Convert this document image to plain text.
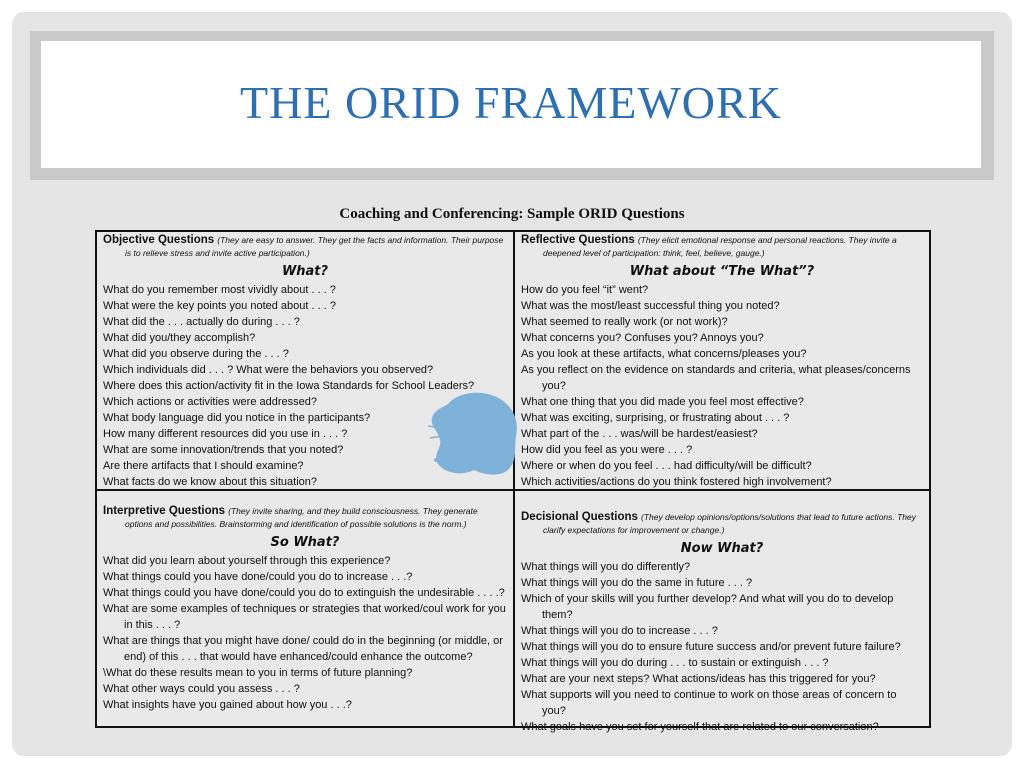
THE ORID FRAMEWORK
Coaching and Conferencing: Sample ORID Questions
Objective Questions (They are easy to answer. They get the facts and information. Their purpose is to relieve stress and invite active participation.)
What?
What do you remember most vividly about . . . ?
What were the key points you noted about . . . ?
What did the . . . actually do during . . . ?
What did you/they accomplish?
What did you observe during the . . . ?
Which individuals did . . . ? What were the behaviors you observed?
Where does this action/activity fit in the Iowa Standards for School Leaders?
Which actions or activities were addressed?
What body language did you notice in the participants?
How many different resources did you use in . . . ?
What are some innovation/trends that you noted?
Are there artifacts that I should examine?
What facts do we know about this situation?
Reflective Questions (They elicit emotional response and personal reactions. They invite a deepened level of participation: think, feel, believe, gauge.)
What about “The What”?
How do you feel “it” went?
What was the most/least successful thing you noted?
What seemed to really work (or not work)?
What concerns you? Confuses you? Annoys you?
As you look at these artifacts, what concerns/pleases you?
As you reflect on the evidence on standards and criteria, what pleases/concerns you?
What one thing that you did made you feel most effective?
What was exciting, surprising, or frustrating about . . . ?
What part of the . . . was/will be hardest/easiest?
How did you feel as you were . . . ?
Where or when do you feel . . . had difficulty/will be difficult?
Which activities/actions do you think fostered high involvement?
Interpretive Questions (They invite sharing, and they build consciousness. They generate options and possibilities. Brainstorming and identification of possible solutions is the norm.)
So What?
What did you learn about yourself through this experience?
What things could you have done/could you do to increase . . .?
What things could you have done/could you do to extinguish the undesirable . . . .?
What are some examples of techniques or strategies that worked/coul work for you in this . . . ?
What are things that you might have done/ could do in the beginning (or middle, or end) of this . . . that would have enhanced/could enhance the outcome?
\What do these results mean to you in terms of future planning?
What other ways could you assess . . . ?
What insights have you gained about how you . . .?
Decisional Questions (They develop opinions/options/solutions that lead to future actions. They clarify expectations for improvement or change.)
Now What?
What things will you do differently?
What things will you do the same in future . . . ?
Which of your skills will you further develop? And what will you do to develop them?
What things will you do to increase . . . ?
What things will you do to ensure future success and/or prevent future failure?
What things will you do during . . . to sustain or extinguish . . . ?
What are your next steps? What actions/ideas has this triggered for you?
What supports will you need to continue to work on those areas of concern to you?
What goals have you set for yourself that are related to our conversation?
